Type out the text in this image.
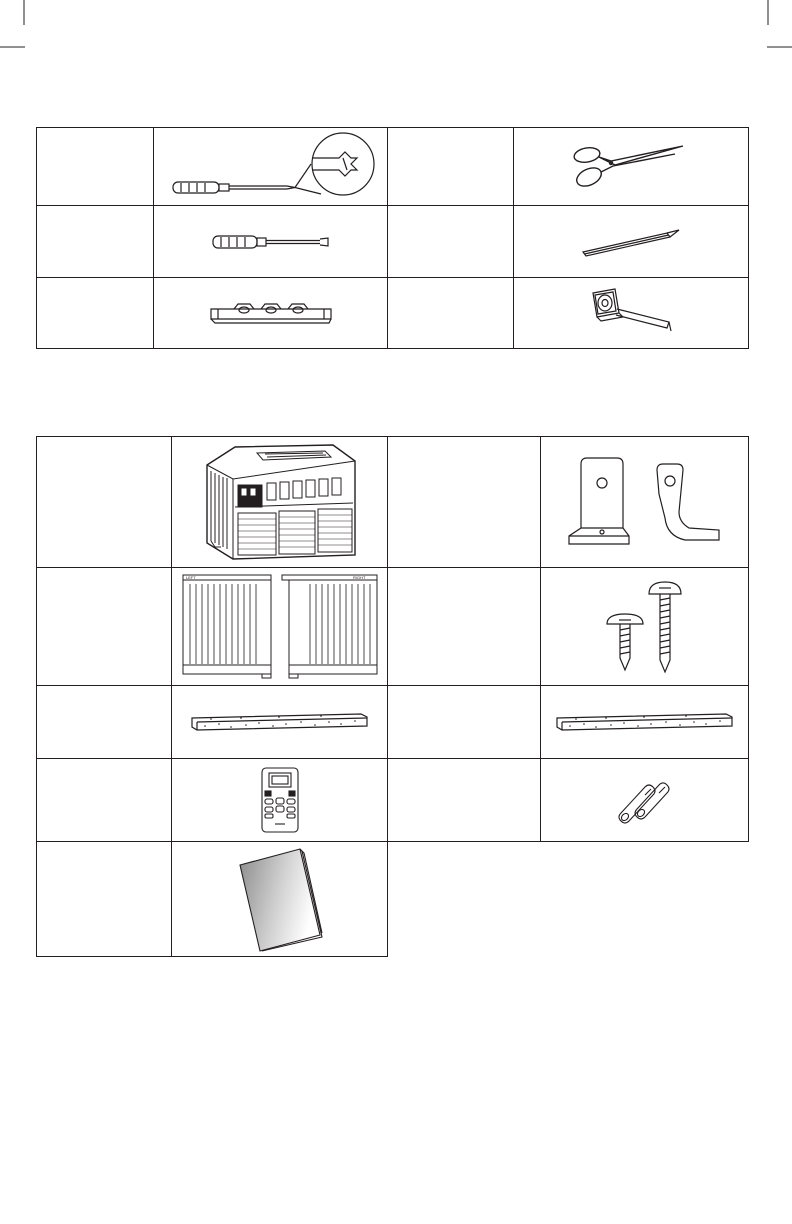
LEFT RIGHT
